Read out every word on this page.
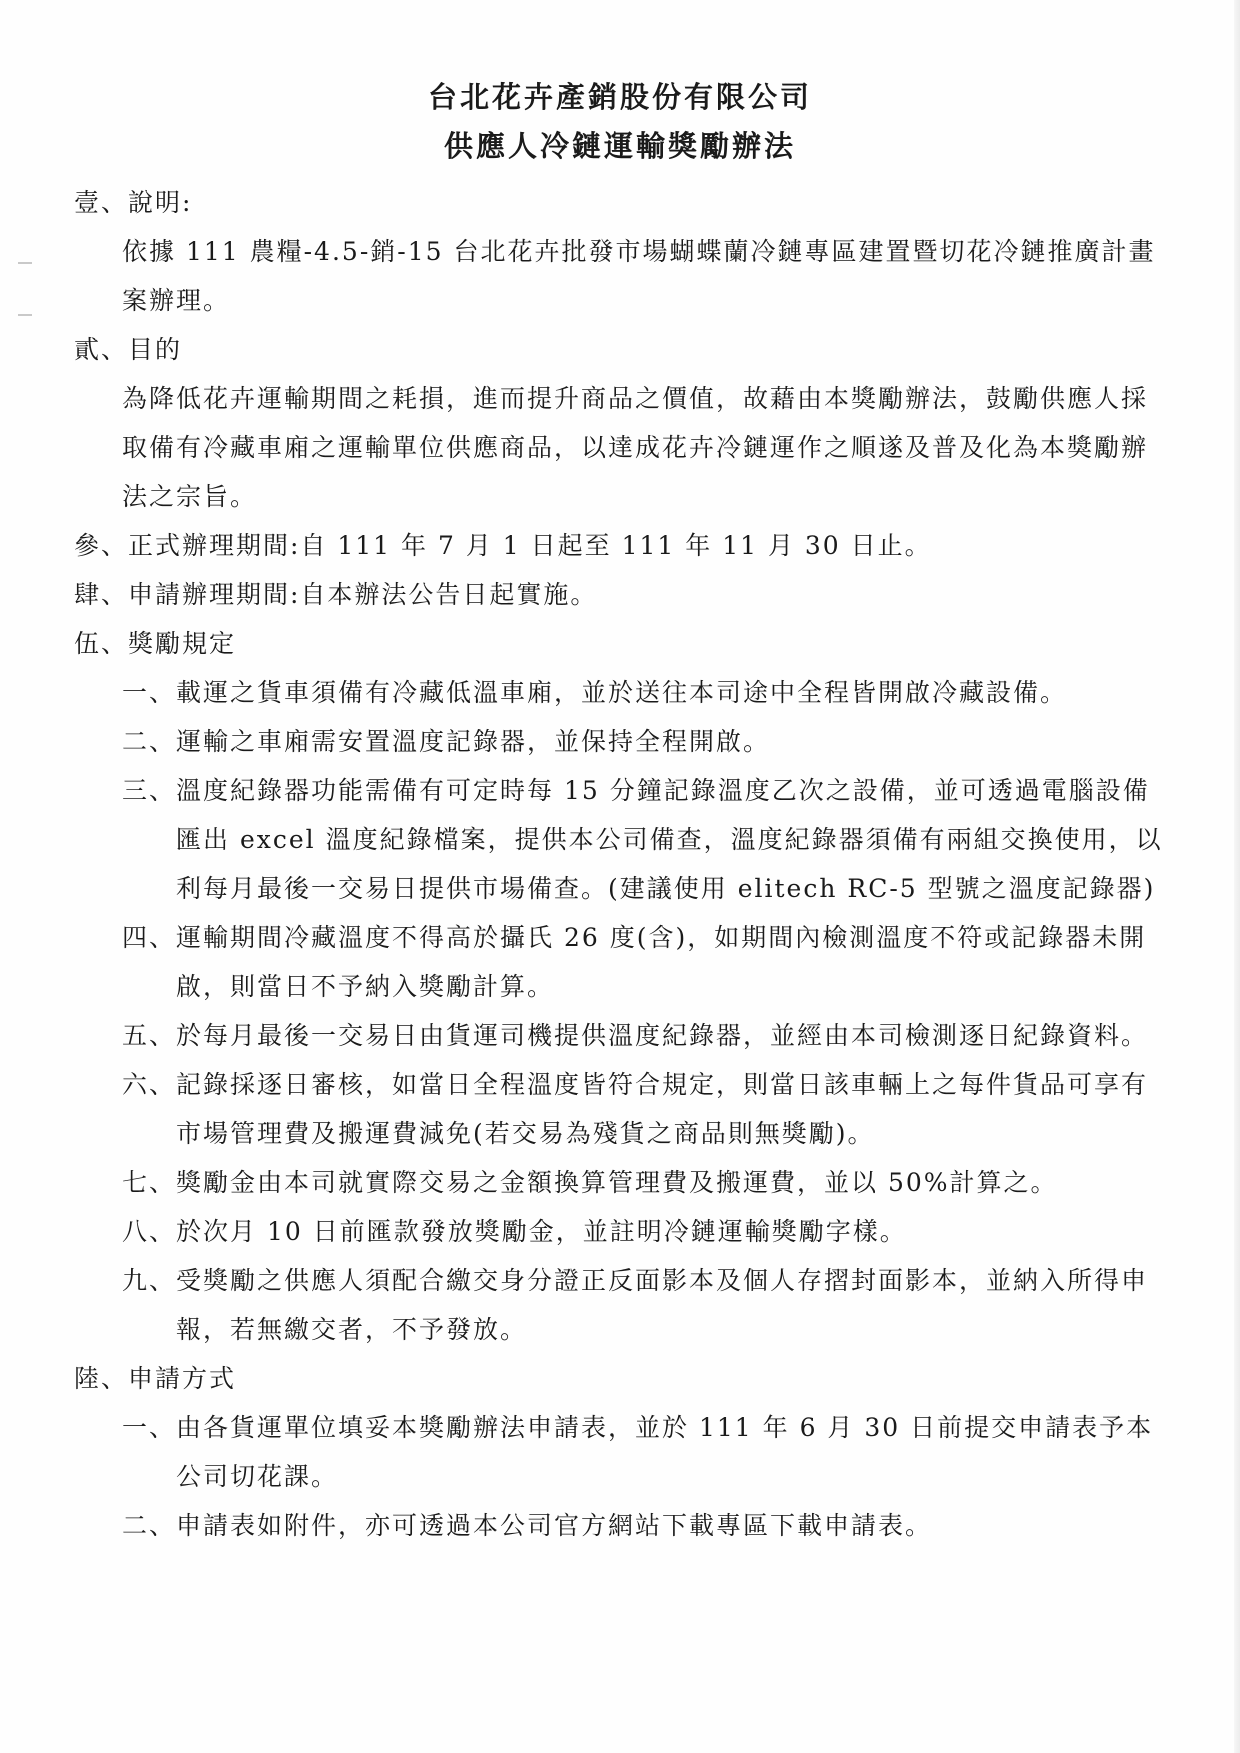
台北花卉產銷股份有限公司
供應人冷鏈運輸獎勵辦法

壹、說明:

依據 111 農糧-4.5-銷-15 台北花卉批發市場蝴蝶蘭冷鏈專區建置暨切花冷鏈推廣計畫案辦理。

貳、目的

為降低花卉運輸期間之耗損，進而提升商品之價值，故藉由本獎勵辦法，鼓勵供應人採取備有冷藏車廂之運輸單位供應商品，以達成花卉冷鏈運作之順遂及普及化為本獎勵辦法之宗旨。

參、正式辦理期間:自 111 年 7 月 1 日起至 111 年 11 月 30 日止。

肆、申請辦理期間:自本辦法公告日起實施。

伍、獎勵規定

一、 載運之貨車須備有冷藏低溫車廂，並於送往本司途中全程皆開啟冷藏設備。
二、 運輸之車廂需安置溫度記錄器，並保持全程開啟。
三、 溫度紀錄器功能需備有可定時每 15 分鐘記錄溫度乙次之設備，並可透過電腦設備匯出 excel 溫度紀錄檔案，提供本公司備查，溫度紀錄器須備有兩組交換使用，以利每月最後一交易日提供市場備查。(建議使用 elitech RC-5 型號之溫度記錄器)
四、 運輸期間冷藏溫度不得高於攝氏 26 度(含)，如期間內檢測溫度不符或記錄器未開啟，則當日不予納入獎勵計算。
五、 於每月最後一交易日由貨運司機提供溫度紀錄器，並經由本司檢測逐日紀錄資料。
六、 記錄採逐日審核，如當日全程溫度皆符合規定，則當日該車輛上之每件貨品可享有市場管理費及搬運費減免(若交易為殘貨之商品則無獎勵)。
七、 獎勵金由本司就實際交易之金額換算管理費及搬運費，並以 50%計算之。
八、 於次月 10 日前匯款發放獎勵金，並註明冷鏈運輸獎勵字樣。
九、 受獎勵之供應人須配合繳交身分證正反面影本及個人存摺封面影本，並納入所得申報，若無繳交者，不予發放。

陸、申請方式

一、 由各貨運單位填妥本獎勵辦法申請表，並於 111 年 6 月 30 日前提交申請表予本公司切花課。
二、 申請表如附件，亦可透過本公司官方網站下載專區下載申請表。
